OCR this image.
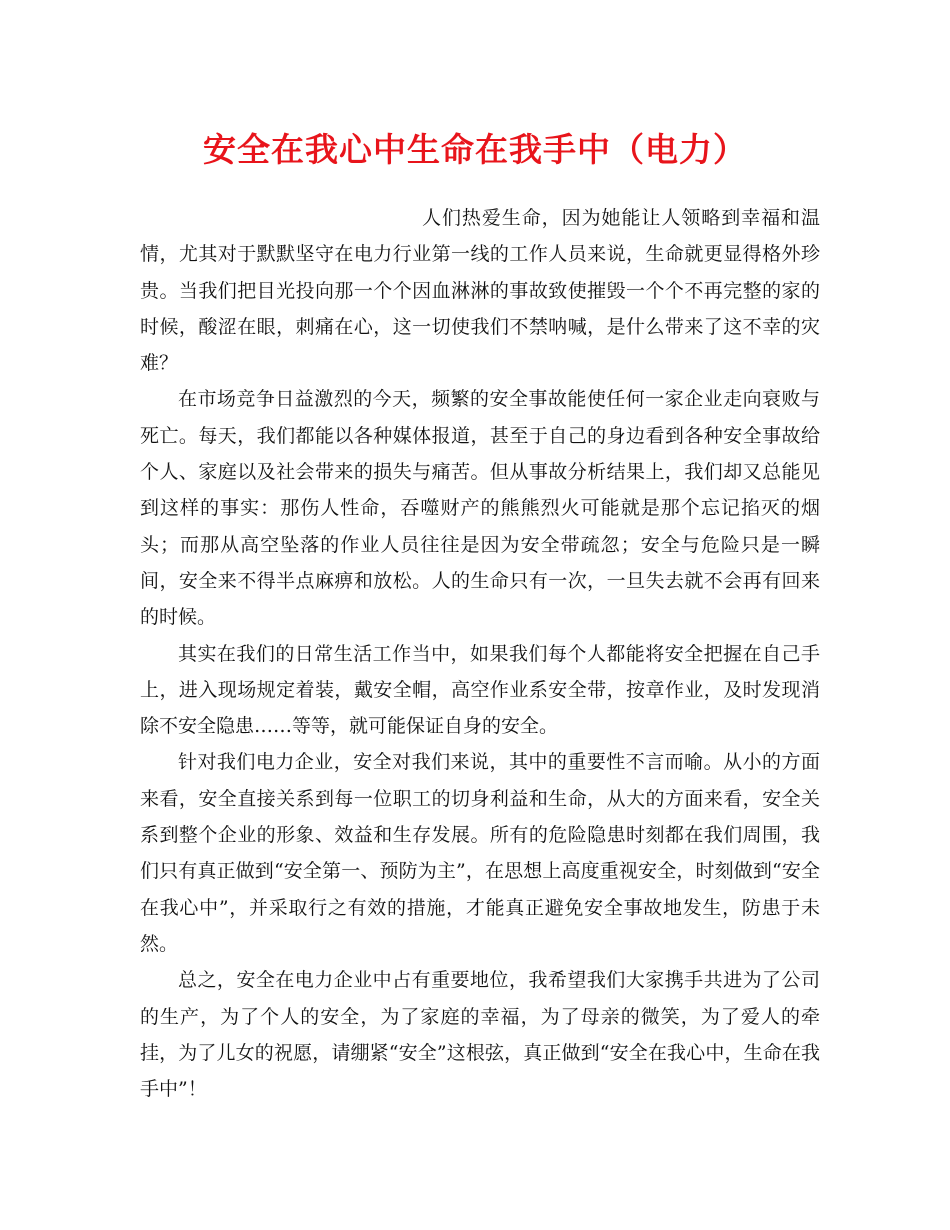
安全在我心中生命在我手中（电力）

人们热爱生命，因为她能让人领略到幸福和温情，尤其对于默默坚守在电力行业第一线的工作人员来说，生命就更显得格外珍贵。当我们把目光投向那一个个因血淋淋的事故致使摧毁一个个不再完整的家的时候，酸涩在眼，刺痛在心，这一切使我们不禁呐喊，是什么带来了这不幸的灾难？

在市场竞争日益激烈的今天，频繁的安全事故能使任何一家企业走向衰败与死亡。每天，我们都能以各种媒体报道，甚至于自己的身边看到各种安全事故给个人、家庭以及社会带来的损失与痛苦。但从事故分析结果上，我们却又总能见到这样的事实：那伤人性命，吞噬财产的熊熊烈火可能就是那个忘记掐灭的烟头；而那从高空坠落的作业人员往往是因为安全带疏忽；安全与危险只是一瞬间，安全来不得半点麻痹和放松。人的生命只有一次，一旦失去就不会再有回来的时候。

其实在我们的日常生活工作当中，如果我们每个人都能将安全把握在自己手上，进入现场规定着装，戴安全帽，高空作业系安全带，按章作业，及时发现消除不安全隐患……等等，就可能保证自身的安全。

针对我们电力企业，安全对我们来说，其中的重要性不言而喻。从小的方面来看，安全直接关系到每一位职工的切身利益和生命，从大的方面来看，安全关系到整个企业的形象、效益和生存发展。所有的危险隐患时刻都在我们周围，我们只有真正做到“安全第一、预防为主”，在思想上高度重视安全，时刻做到“安全在我心中”，并采取行之有效的措施，才能真正避免安全事故地发生，防患于未然。

总之，安全在电力企业中占有重要地位，我希望我们大家携手共进为了公司的生产，为了个人的安全，为了家庭的幸福，为了母亲的微笑，为了爱人的牵挂，为了儿女的祝愿，请绷紧“安全”这根弦，真正做到“安全在我心中，生命在我手中”！
